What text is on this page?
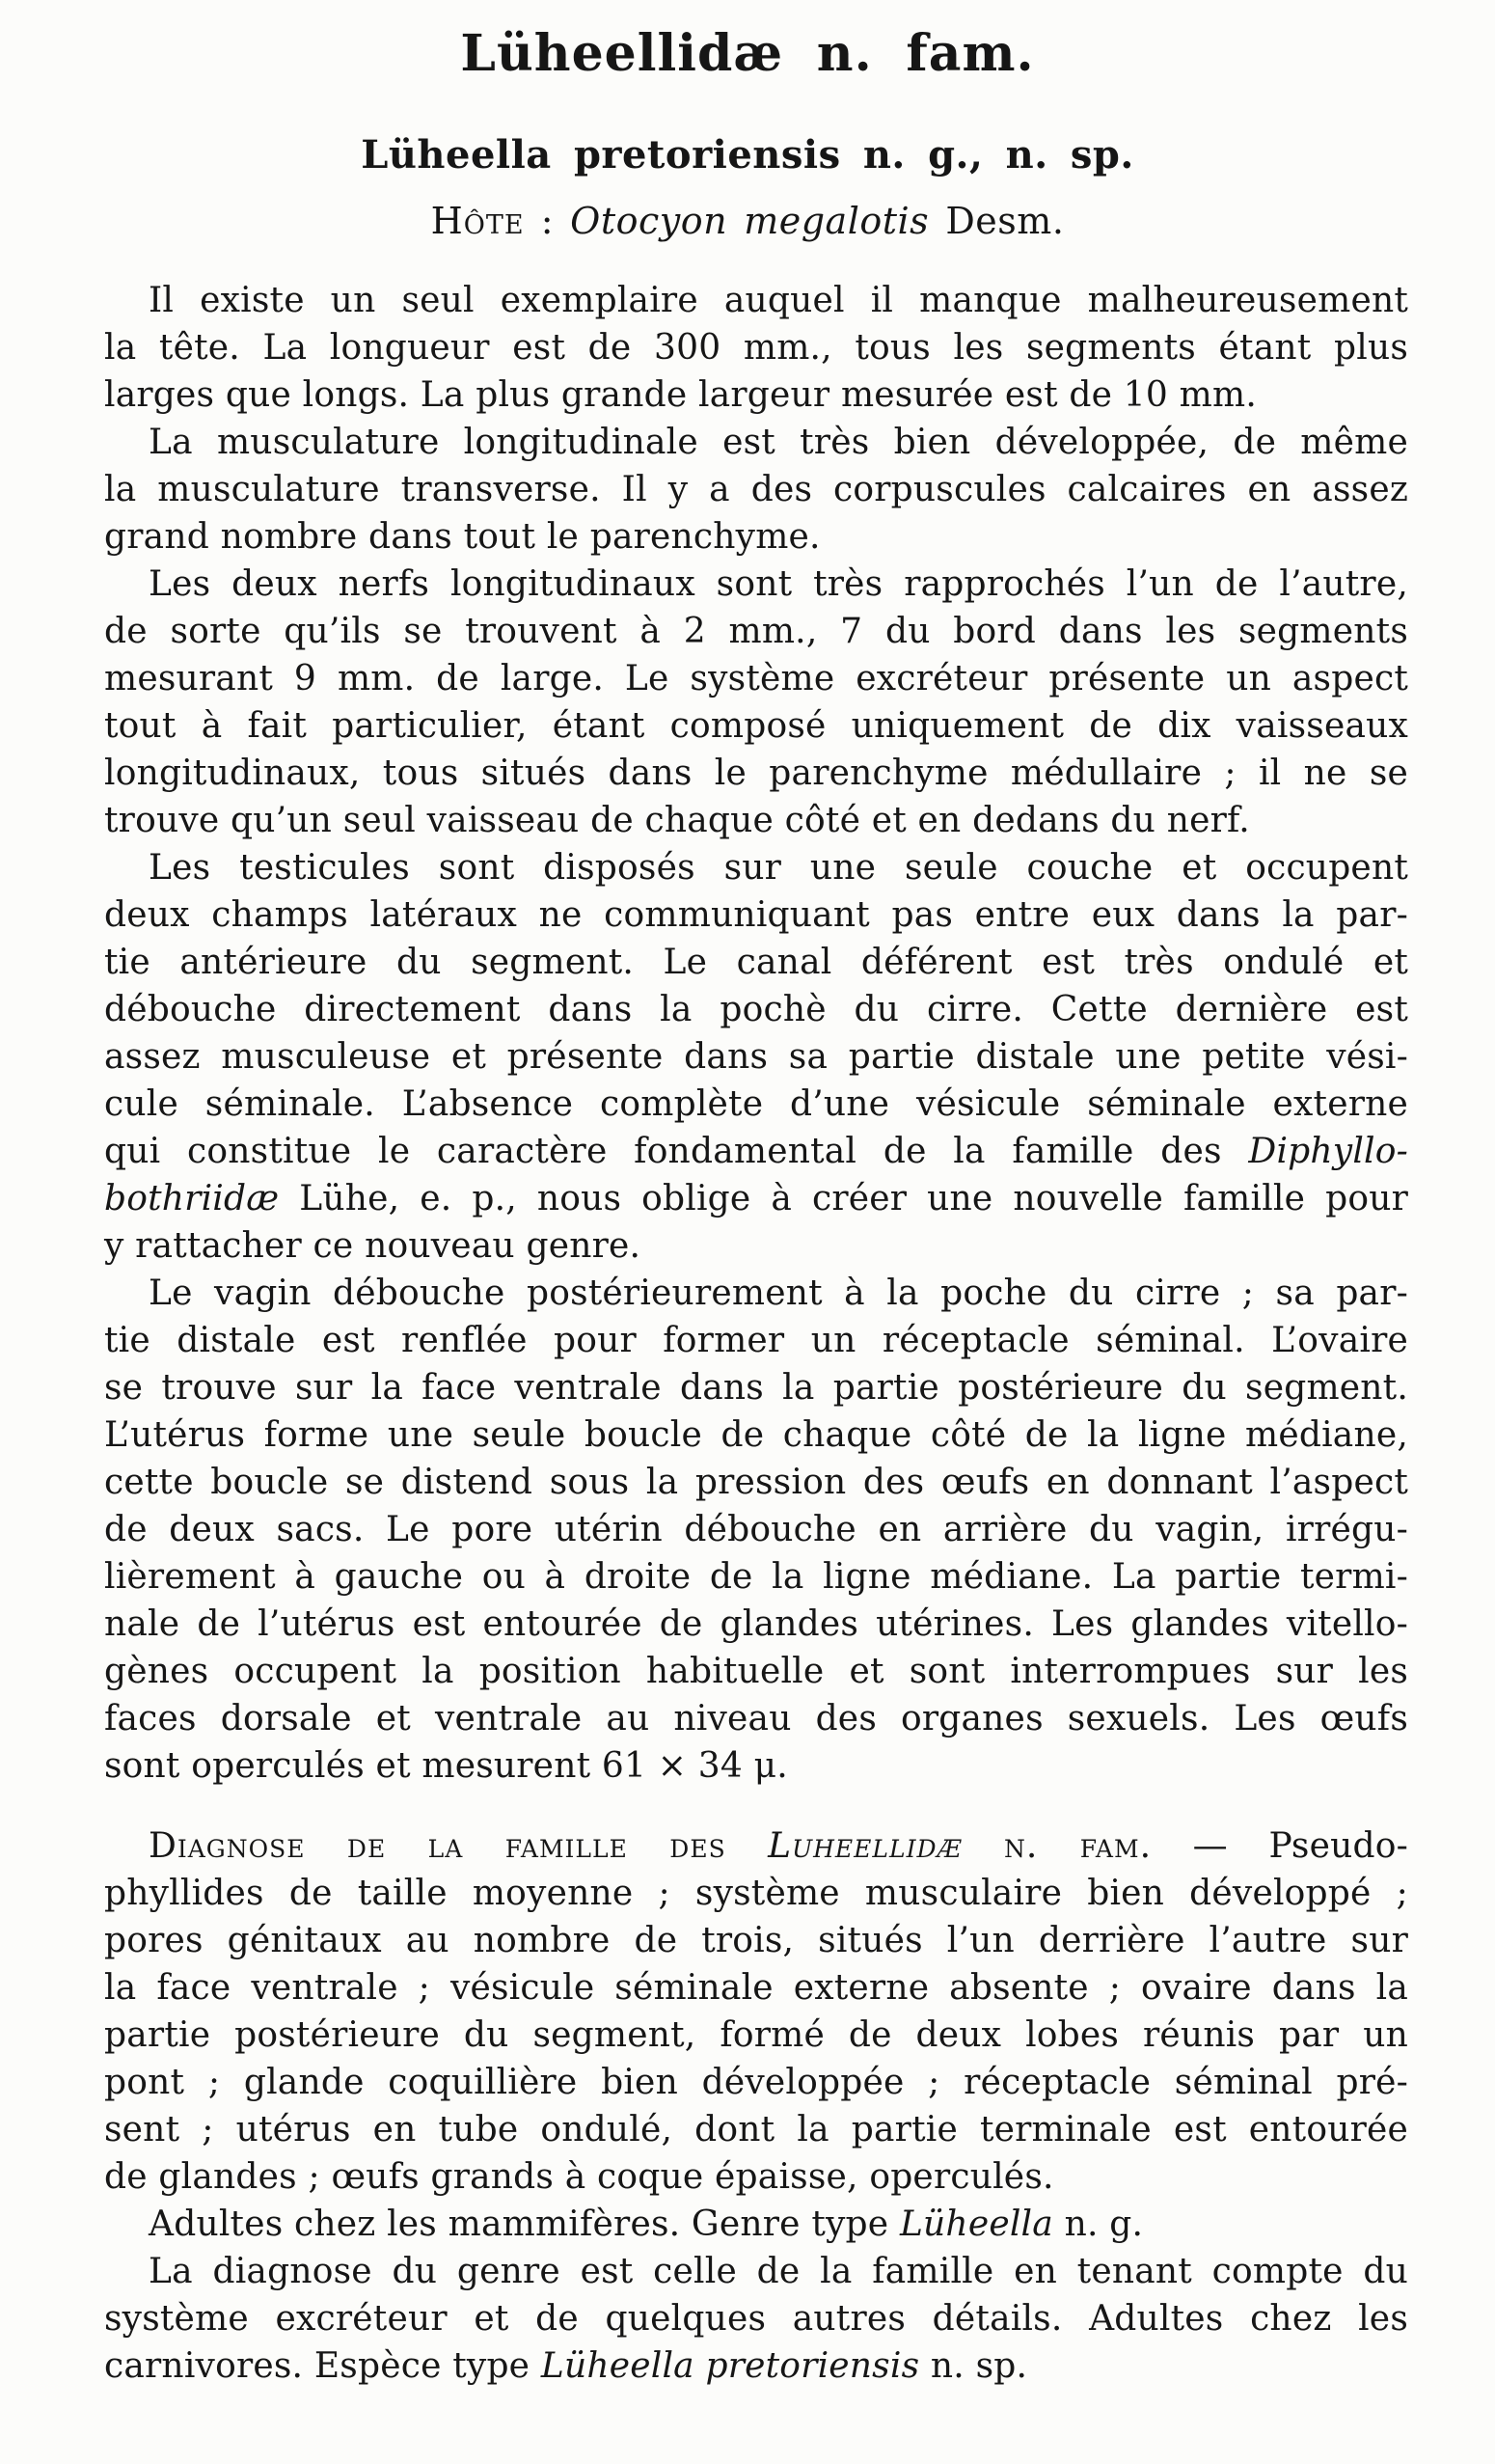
Lüheellidæ n. fam.
Lüheella pretoriensis n. g., n. sp.
Hôte : Otocyon megalotis Desm.
Il existe un seul exemplaire auquel il manque malheureusement
la tête. La longueur est de 300 mm., tous les segments étant plus
larges que longs. La plus grande largeur mesurée est de 10 mm.
La musculature longitudinale est très bien développée, de même
la musculature transverse. Il y a des corpuscules calcaires en assez
grand nombre dans tout le parenchyme.
Les deux nerfs longitudinaux sont très rapprochés l’un de l’autre,
de sorte qu’ils se trouvent à 2 mm., 7 du bord dans les segments
mesurant 9 mm. de large. Le système excréteur présente un aspect
tout à fait particulier, étant composé uniquement de dix vaisseaux
longitudinaux, tous situés dans le parenchyme médullaire ; il ne se
trouve qu’un seul vaisseau de chaque côté et en dedans du nerf.
Les testicules sont disposés sur une seule couche et occupent
deux champs latéraux ne communiquant pas entre eux dans la par-
tie antérieure du segment. Le canal déférent est très ondulé et
débouche directement dans la pochè du cirre. Cette dernière est
assez musculeuse et présente dans sa partie distale une petite vési-
cule séminale. L’absence complète d’une vésicule séminale externe
qui constitue le caractère fondamental de la famille des Diphyllo-
bothriidæ Lühe, e. p., nous oblige à créer une nouvelle famille pour
y rattacher ce nouveau genre.
Le vagin débouche postérieurement à la poche du cirre ; sa par-
tie distale est renflée pour former un réceptacle séminal. L’ovaire
se trouve sur la face ventrale dans la partie postérieure du segment.
L’utérus forme une seule boucle de chaque côté de la ligne médiane,
cette boucle se distend sous la pression des œufs en donnant l’aspect
de deux sacs. Le pore utérin débouche en arrière du vagin, irrégu-
lièrement à gauche ou à droite de la ligne médiane. La partie termi-
nale de l’utérus est entourée de glandes utérines. Les glandes vitello-
gènes occupent la position habituelle et sont interrompues sur les
faces dorsale et ventrale au niveau des organes sexuels. Les œufs
sont operculés et mesurent 61 × 34 μ.
Diagnose de la famille des Luheellidæ n. fam. — Pseudo-
phyllides de taille moyenne ; système musculaire bien développé ;
pores génitaux au nombre de trois, situés l’un derrière l’autre sur
la face ventrale ; vésicule séminale externe absente ; ovaire dans la
partie postérieure du segment, formé de deux lobes réunis par un
pont ; glande coquillière bien développée ; réceptacle séminal pré-
sent ; utérus en tube ondulé, dont la partie terminale est entourée
de glandes ; œufs grands à coque épaisse, operculés.
Adultes chez les mammifères. Genre type Lüheella n. g.
La diagnose du genre est celle de la famille en tenant compte du
système excréteur et de quelques autres détails. Adultes chez les
carnivores. Espèce type Lüheella pretoriensis n. sp.
